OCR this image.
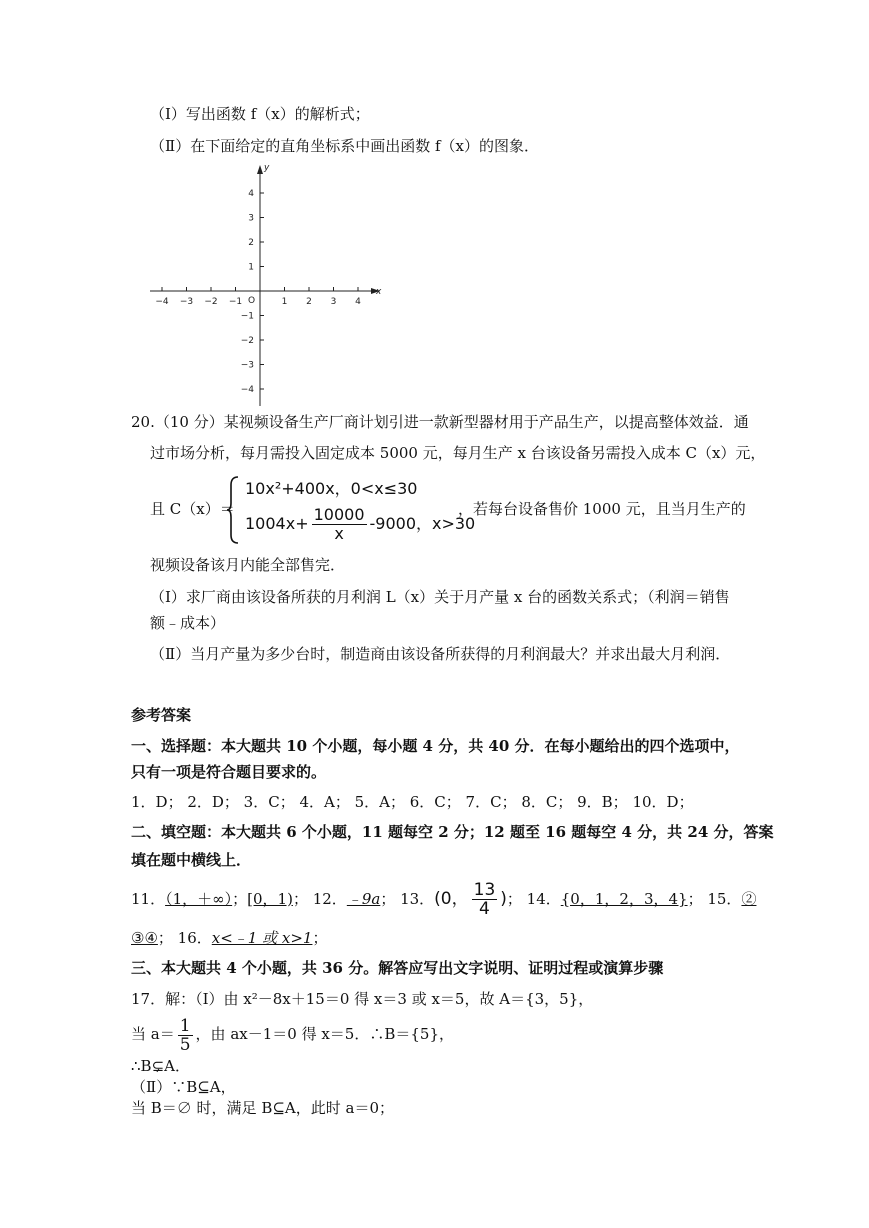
（Ⅰ）写出函数 f（x）的解析式；
（Ⅱ）在下面给定的直角坐标系中画出函数 f（x）的图象．
−4 −3 −2 −1	1 2 3 4
4
3
2
1
−1
−2
−3
−4
x
y
O
20.（10 分）某视频设备生产厂商计划引进一款新型器材用于产品生产，以提高整体效益．通
过市场分析，每月需投入固定成本 5000 元，每月生产 x 台该设备另需投入成本 C（x）元，
且 C（x）＝
10x²+400x，0<x≤30
$1004x+ \frac{10000}{x} -9000$，x>30
，若每台设备售价 1000 元，且当月生产的
视频设备该月内能全部售完．
（Ⅰ）求厂商由该设备所获的月利润 L（x）关于月产量 x 台的函数关系式；（利润＝销售
额﹣成本）
（Ⅱ）当月产量为多少台时，制造商由该设备所获得的月利润最大？并求出最大月利润．
参考答案
一、选择题：本大题共 10 个小题，每小题 4 分，共 40 分．在每小题给出的四个选项中，
只有一项是符合题目要求的。
1．D； 2．D； 3．C； 4．A； 5．A； 6．C； 7．C； 8．C； 9．B； 10．D；
二、填空题：本大题共 6 个小题，11 题每空 2 分；12 题至 16 题每空 4 分，共 24 分，答案
填在题中横线上．
11．（1，＋∞）；[0，1)； 12．﹣9a； 13．(0， $\frac{13}{4}$ )； 14．{0，1，2，3，4}； 15．②
③④； 16．x<﹣1 或 x>1；
三、本大题共 4 个小题，共 36 分。解答应写出文字说明、证明过程或演算步骤
17．解：（Ⅰ）由 x²－8x＋15＝0 得 x＝3 或 x＝5，故 A＝{3，5}，
当 $a= \frac{1}{5}$ ，由 ax－1＝0 得 x＝5．∴B＝{5}，
∴B⊊A．
（Ⅱ）∵B⊆A，
当 B＝∅ 时，满足 B⊆A，此时 a＝0；
